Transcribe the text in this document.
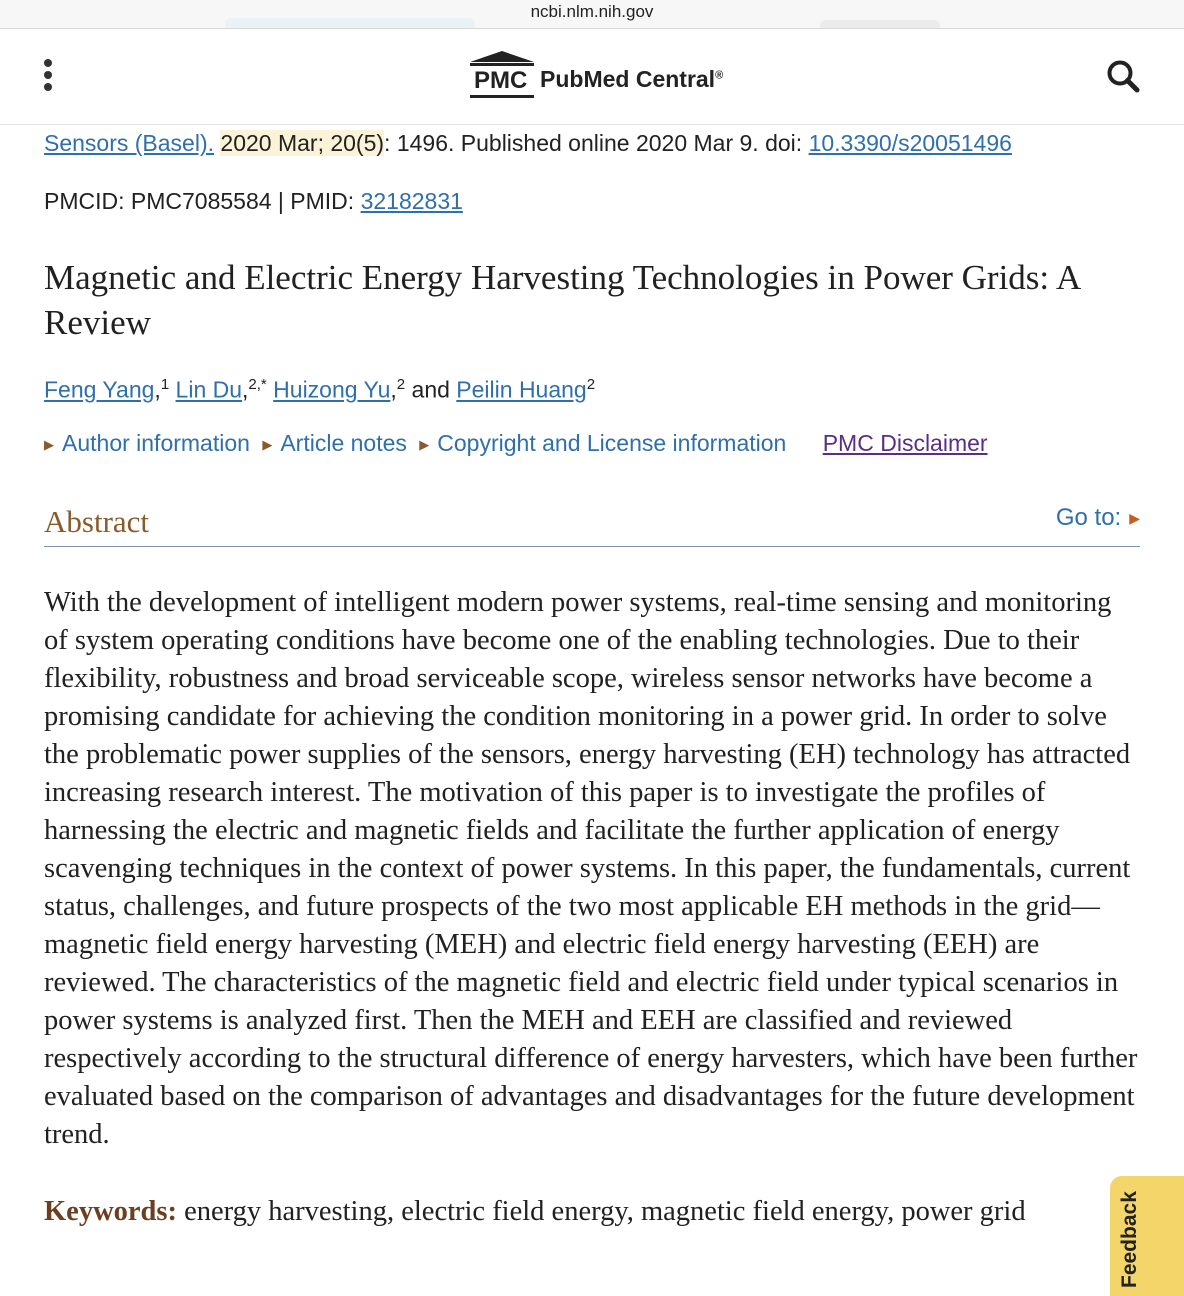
ncbi.nlm.nih.gov
PMC PubMed Central®
Sensors (Basel). 2020 Mar; 20(5): 1496. Published online 2020 Mar 9. doi: 10.3390/s20051496
PMCID: PMC7085584 | PMID: 32182831
Magnetic and Electric Energy Harvesting Technologies in Power Grids: A Review
Feng Yang,$^1$ Lin Du,$^{2,*}$ Huizong Yu,$^2$ and Peilin Huang$^2$
▶ Author information ▶ Article notes ▶ Copyright and License information PMC Disclaimer
Abstract	Go to: ▶

With the development of intelligent modern power systems, real-time sensing and monitoring of system operating conditions have become one of the enabling technologies. Due to their flexibility, robustness and broad serviceable scope, wireless sensor networks have become a promising candidate for achieving the condition monitoring in a power grid. In order to solve the problematic power supplies of the sensors, energy harvesting (EH) technology has attracted increasing research interest. The motivation of this paper is to investigate the profiles of harnessing the electric and magnetic fields and facilitate the further application of energy scavenging techniques in the context of power systems. In this paper, the fundamentals, current status, challenges, and future prospects of the two most applicable EH methods in the grid—magnetic field energy harvesting (MEH) and electric field energy harvesting (EEH) are reviewed. The characteristics of the magnetic field and electric field under typical scenarios in power systems is analyzed first. Then the MEH and EEH are classified and reviewed respectively according to the structural difference of energy harvesters, which have been further evaluated based on the comparison of advantages and disadvantages for the future development trend.

Keywords: energy harvesting, electric field energy, magnetic field energy, power grid	Feedback
